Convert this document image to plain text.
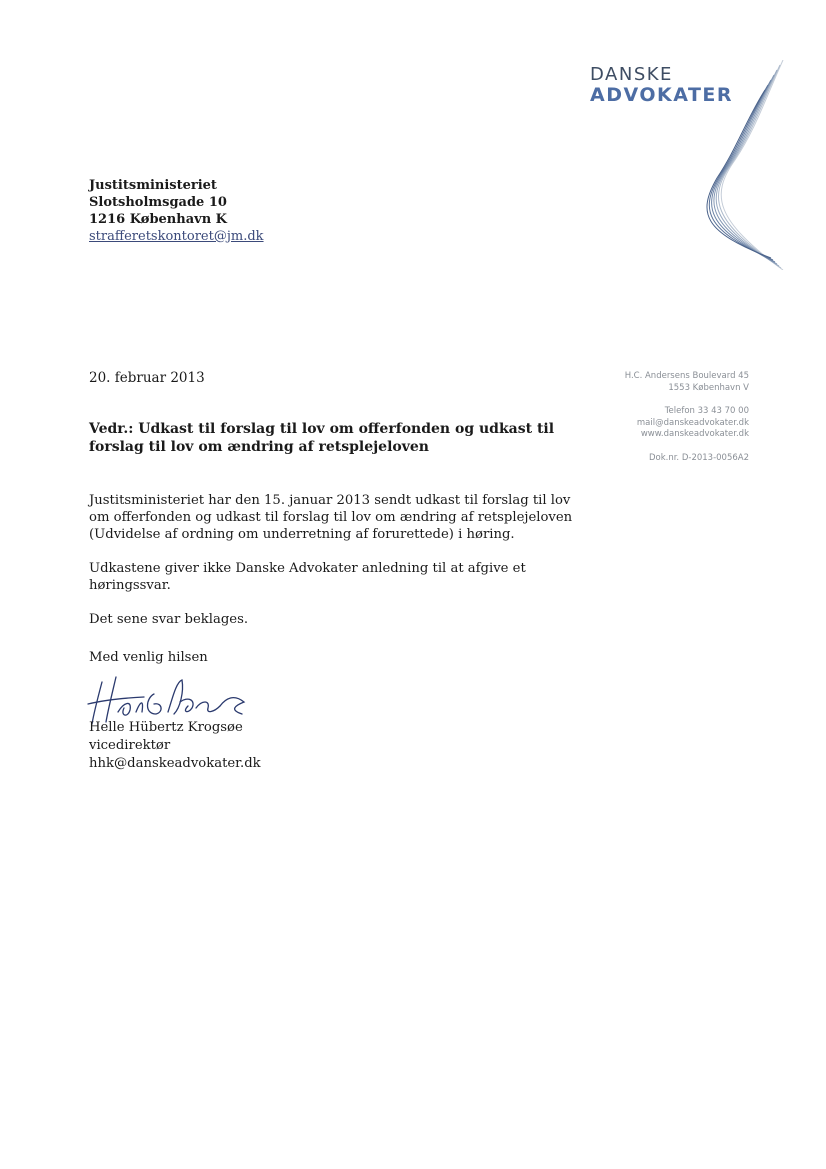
DANSKE
ADVOKATER
Justitsministeriet
Slotsholmsgade 10
1216 København K
strafferetskontoret@jm.dk
20. februar 2013	H.C. Andersens Boulevard 45
1553 København V
Telefon 33 43 70 00
mail@danskeadvokater.dk
www.danskeadvokater.dk
Dok.nr. D-2013-0056A2
Vedr.: Udkast til forslag til lov om offerfonden og udkast til forslag til lov om ændring af retsplejeloven

Justitsministeriet har den 15. januar 2013 sendt udkast til forslag til lov om offerfonden og udkast til forslag til lov om ændring af retsplejeloven (Udvidelse af ordning om underretning af forurettede) i høring.

Udkastene giver ikke Danske Advokater anledning til at afgive et høringssvar.

Det sene svar beklages.

Med venlig hilsen
Helle Hübertz Krogsøe
vicedirektør
hhk@danskeadvokater.dk
